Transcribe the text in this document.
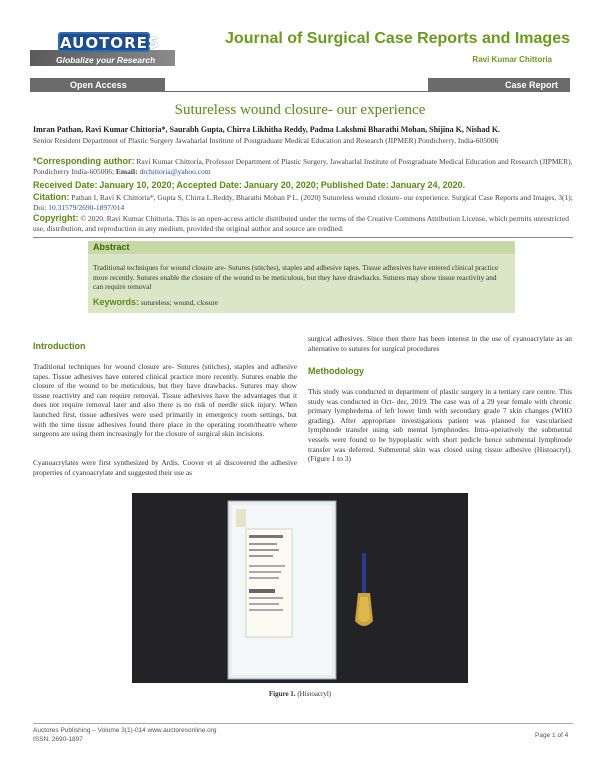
AUOTORES
Globalize your Research
Journal of Surgical Case Reports and Images
Ravi Kumar Chittoria
Open Access	Case Report
Sutureless wound closure- our experience
Imran Pathan, Ravi Kumar Chittoria*, Saurabh Gupta, Chirra Likhitha Reddy, Padma Lakshmi Bharathi Mohan, Shijina K, Nishad K.
Senior Resident Department of Plastic Surgery Jawaharlal Institute of Postgraduate Medical Education and Research (JIPMER) Pondicherry, India-605006
*Corresponding author: Ravi Kumar Chittoria, Professor Department of Plastic Surgery, Jawaharlal Institute of Postgraduate Medical Education and Research (JIPMER), Pondicherry India-605006; Email: drchittoria@yahoo.com
Received Date: January 10, 2020; Accepted Date: January 20, 2020; Published Date: January 24, 2020.
Citation: Pathan I, Ravi K Chittoria*, Gupta S, Chirra L.Reddy, Bharathi Mohan P L. (2020) Sutureless wound closure- our experience. Surgical Case Reports and Images, 3(1); Doi: 10.31579/2690-1897/014
Copyright: © 2020. Ravi Kumar Chittoria. This is an open-access article distributed under the terms of the Creative Commons Attribution License, which permits unrestricted use, distribution, and reproduction in any medium, provided the original author and source are credited.
Abstract
Traditional techniques for wound closure are- Sutures (stitches), staples and adhesive tapes. Tissue adhesives have entered clinical practice more recently. Sutures enable the closure of the wound to be meticulous, but they have drawbacks. Sutures may show tissue reactivity and can require removal
Keywords: sutureless; wound, closure
Introduction
Traditional techniques for wound closure are- Sutures (stitches), staples and adhesive tapes. Tissue adhesives have entered clinical practice more recently. Sutures enable the closure of the wound to be meticulous, but they have drawbacks. Sutures may show tissue reactivity and can require removal. Tissue adhesives have the advantages that it does not require removal later and also there is no risk of needle stick injury. When launched first, tissue adhesives were used primarily in emergency room settings, but with the time tissue adhesives found there place in the operating room/theatre where surgeons are using them increasingly for the closure of surgical skin incisions.
Cyanoacrylates were first synthesized by Ardis. Coover et al discovered the adhesive properties of cyanoacrylate and suggested their use as
surgical adhesives. Since then there has been interest in the use of cyanoacrylate as an alternative to sutures for surgical procedures
Methodology
This study was conducted in department of plastic surgery in a tertiary care centre. This study was conducted in Oct- dec, 2019. The case was of a 29 year female with chronic primary lymphedema of left lower limb with secondary grade 7 skin changes (WHO grading). After appropriate investigations patient was planned for vascularised lymphnode transfer using sub mental lymphnodes. Intra-operatively the submental vessels were found to be hypoplastic with short pedicle hence submental lymphnode transfer was deferred. Submental skin was closed using tissue adhesive (Histoacryl). (Figure 1 to 3)
Figure 1. (Histoacryl)
Auctores Publishing – Volume 3(1)-014 www.auctoresonline.org
ISSN: 2690-1897
Page 1 of 4
